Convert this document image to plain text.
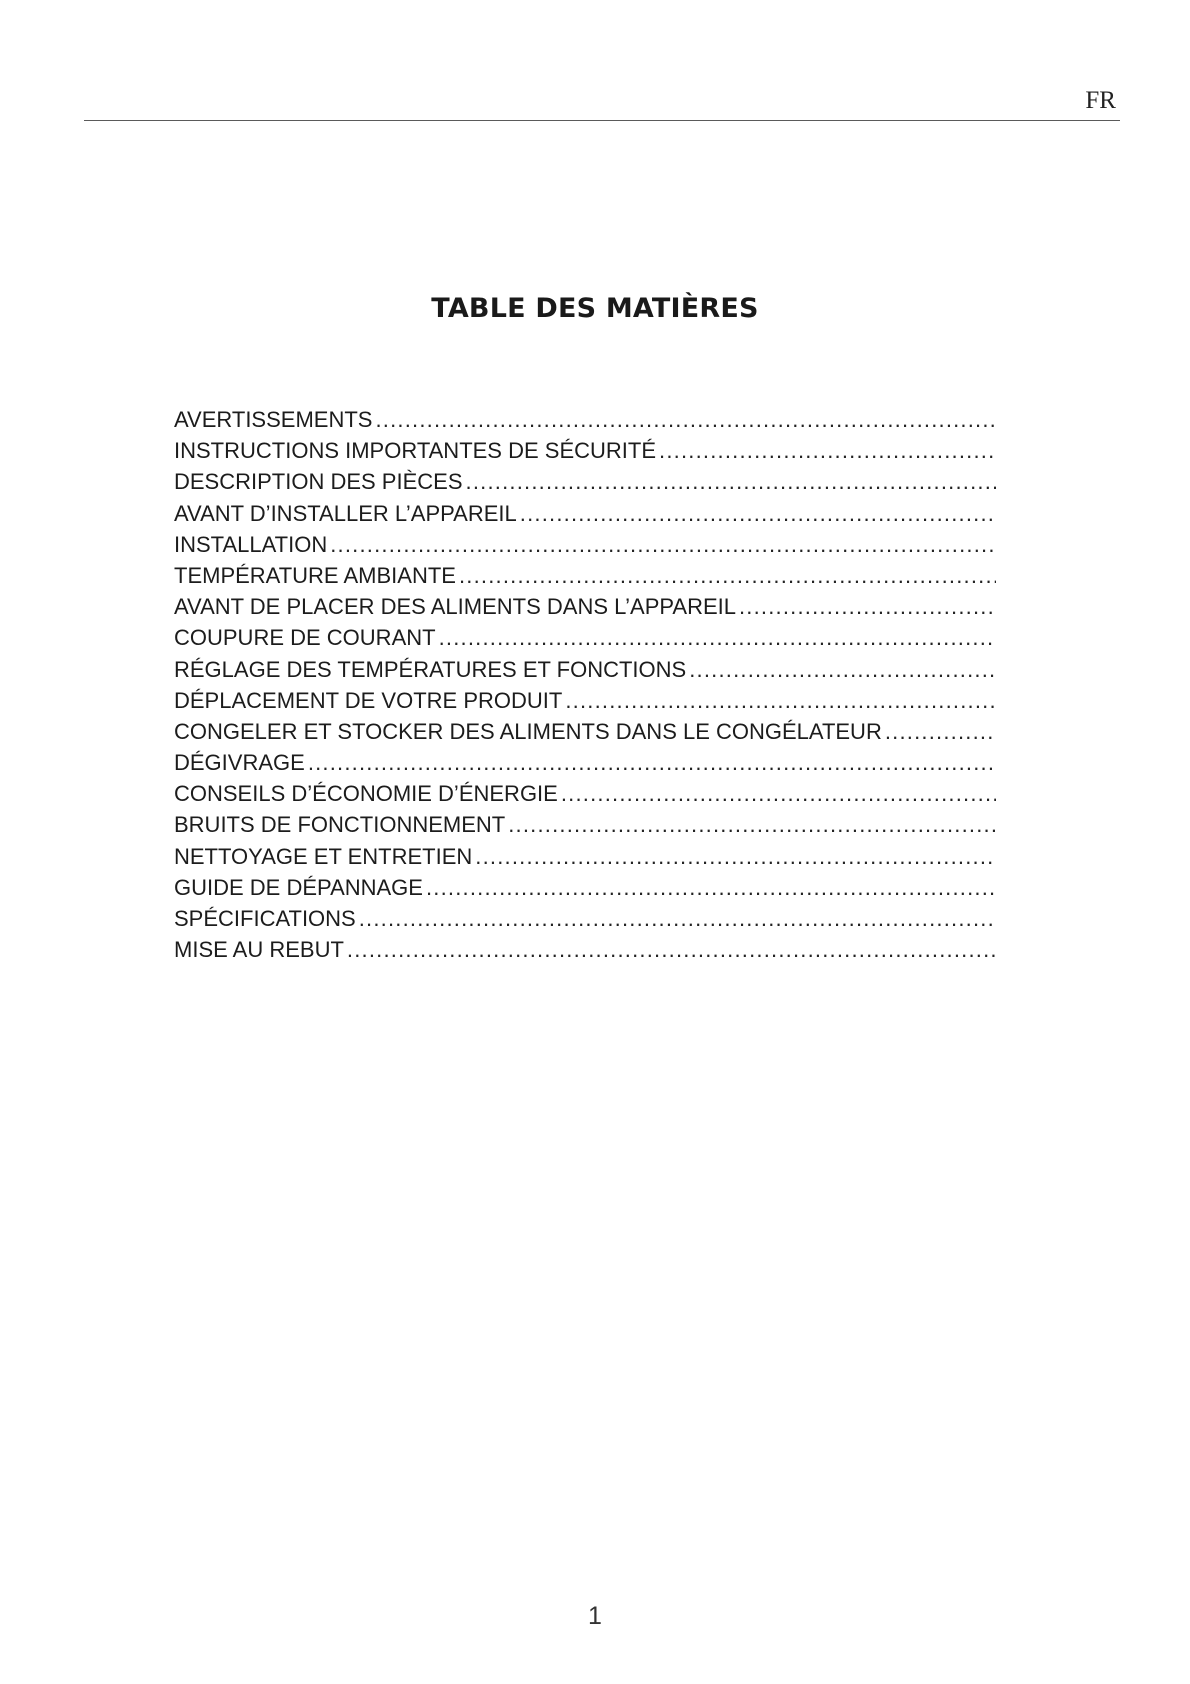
FR
TABLE DES MATIÈRES
AVERTISSEMENTS
.....
INSTRUCTIONS IMPORTANTES DE SÉCURITÉ
.....
DESCRIPTION DES PIÈCES
.....
AVANT D’INSTALLER L’APPAREIL
.....
INSTALLATION
.....
TEMPÉRATURE AMBIANTE
.....
AVANT DE PLACER DES ALIMENTS DANS L’APPAREIL
.....
COUPURE DE COURANT
.....
RÉGLAGE DES TEMPÉRATURES ET FONCTIONS
.....
DÉPLACEMENT DE VOTRE PRODUIT
.....
CONGELER ET STOCKER DES ALIMENTS DANS LE CONGÉLATEUR
.....
DÉGIVRAGE
.....
CONSEILS D’ÉCONOMIE D’ÉNERGIE
.....
BRUITS DE FONCTIONNEMENT
.....
NETTOYAGE ET ENTRETIEN
.....
GUIDE DE DÉPANNAGE
.....
SPÉCIFICATIONS
.....
MISE AU REBUT
.....
1
